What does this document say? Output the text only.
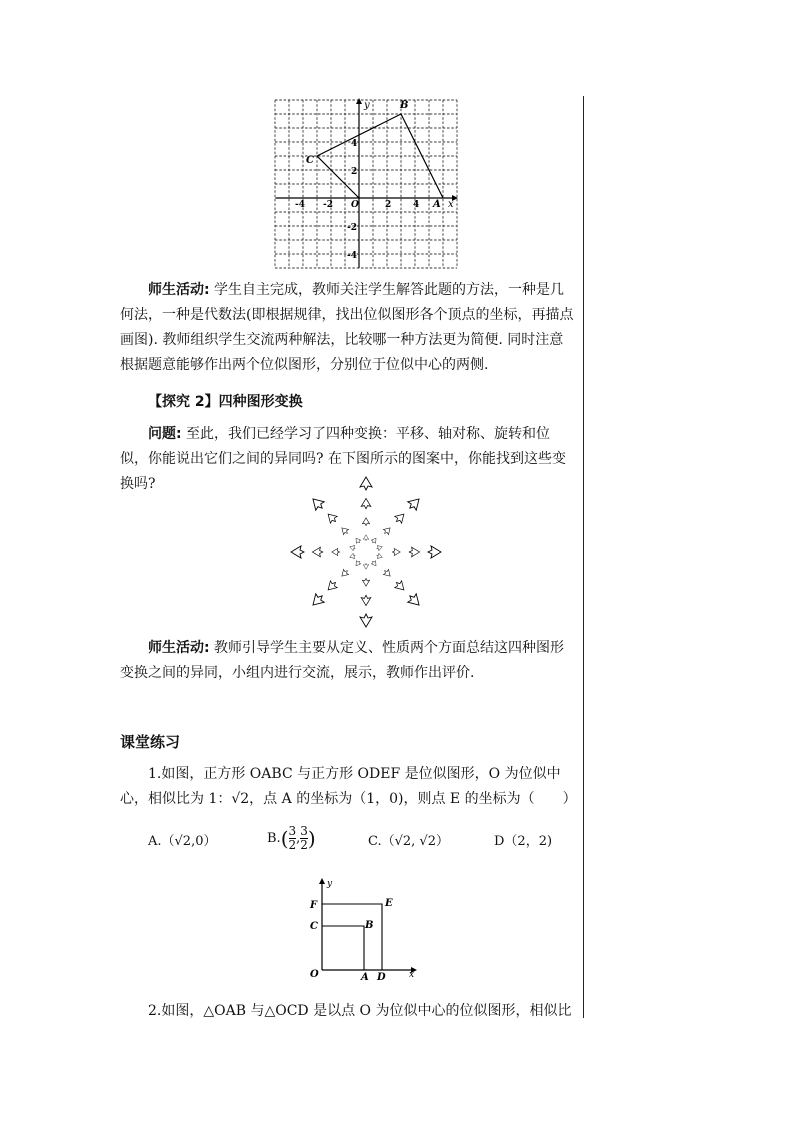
y
x
B
C
A
-4 -2 O	2 4
4
2
-2
-4

师生活动: 学生自主完成，教师关注学生解答此题的方法，一种是几何法，一种是代数法(即根据规律，找出位似图形各个顶点的坐标，再描点画图). 教师组织学生交流两种解法，比较哪一种方法更为简便. 同时注意根据题意能够作出两个位似图形，分别位于位似中心的两侧.

【探究 2】四种图形变换

问题: 至此，我们已经学习了四种变换：平移、轴对称、旋转和位似，你能说出它们之间的异同吗? 在下图所示的图案中，你能找到这些变换吗?

师生活动: 教师引导学生主要从定义、性质两个方面总结这四种图形变换之间的异同，小组内进行交流，展示，教师作出评价.

课堂练习

1.如图，正方形 OABC 与正方形 ODEF 是位似图形，O 为位似中心，相似比为 1：√2，点 A 的坐标为（1，0)，则点 E 的坐标为（　　）

A.（√2,0）	$B.( \frac{3}{2}$ , $\frac{3}{2}$ )	C.（√2, √2）	D（2，2)
y
F	E
C	B
O	A D	x

2.如图，△OAB 与△OCD 是以点 O 为位似中心的位似图形，相似比
